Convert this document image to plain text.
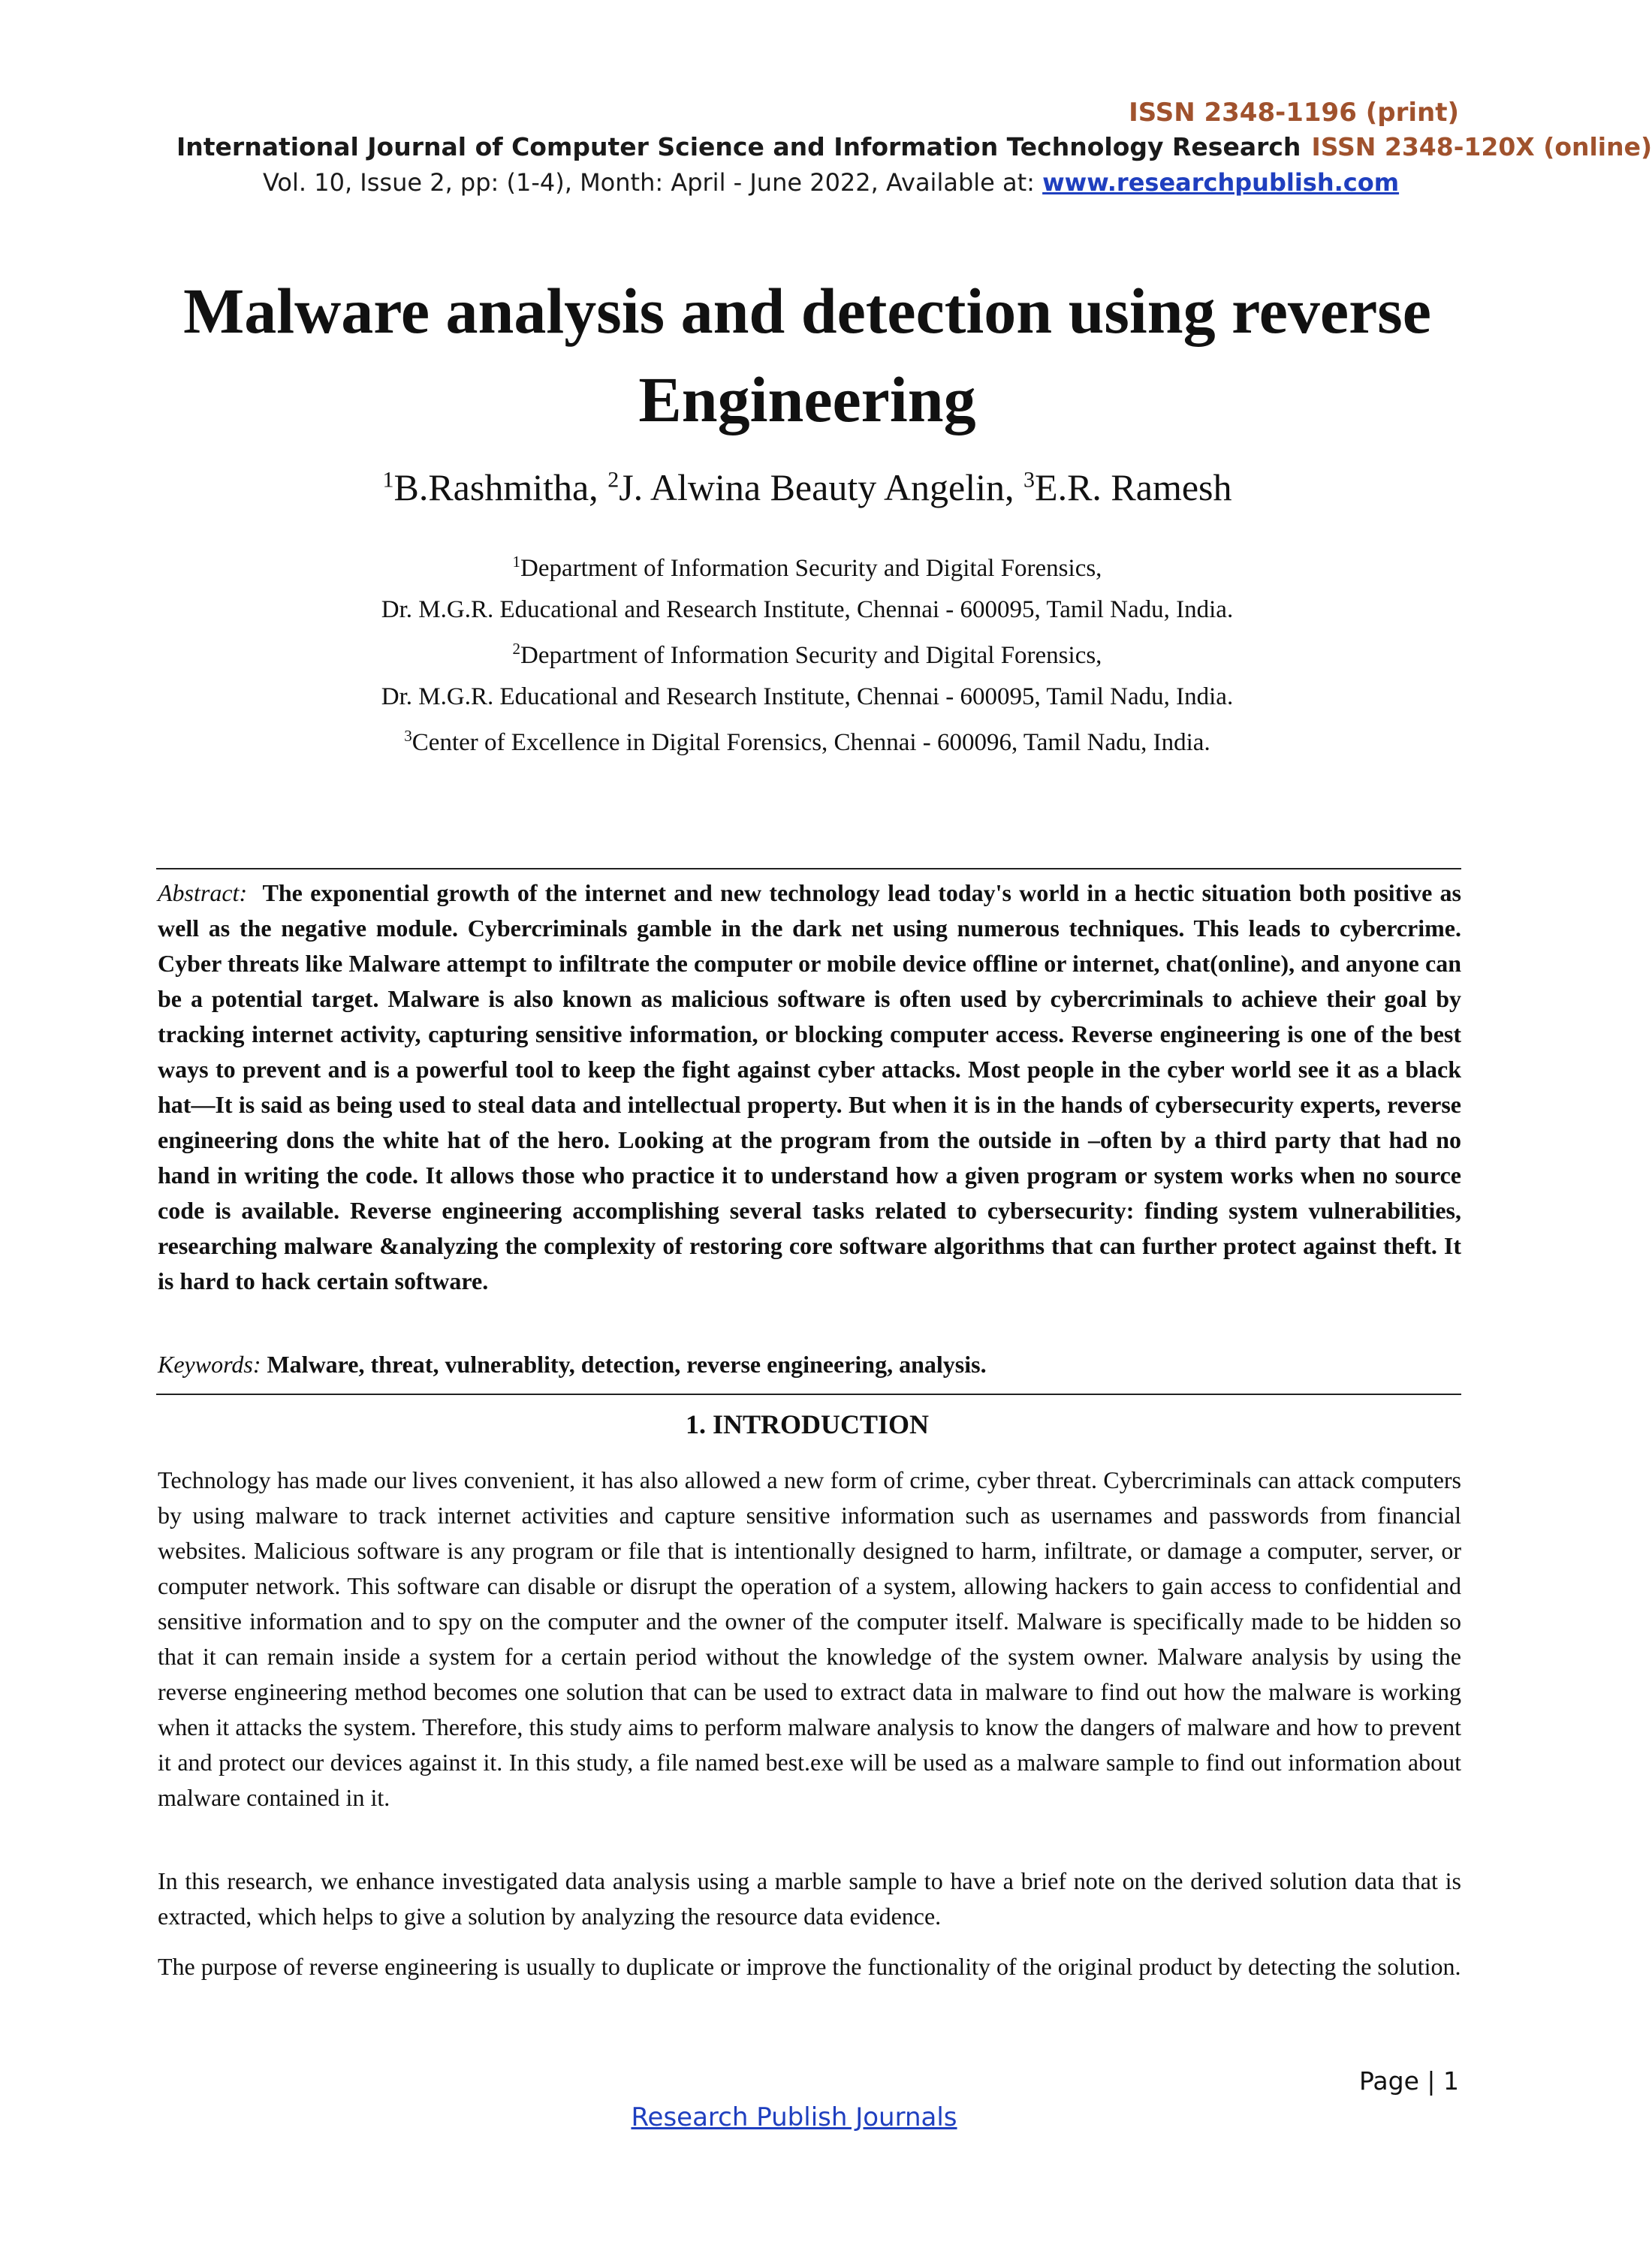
ISSN 2348-1196 (print)
International Journal of Computer Science and Information Technology Research ISSN 2348-120X (online)
Vol. 10, Issue 2, pp: (1-4), Month: April - June 2022, Available at: www.researchpublish.com
Malware analysis and detection using reverse Engineering
$^1$B.Rashmitha, $^2$J. Alwina Beauty Angelin, $^3$E.R. Ramesh
$^1$Department of Information Security and Digital Forensics,
Dr. M.G.R. Educational and Research Institute, Chennai - 600095, Tamil Nadu, India.
$^2$Department of Information Security and Digital Forensics,
Dr. M.G.R. Educational and Research Institute, Chennai - 600095, Tamil Nadu, India.
$^3$Center of Excellence in Digital Forensics, Chennai - 600096, Tamil Nadu, India.
Abstract: The exponential growth of the internet and new technology lead today's world in a hectic situation both positive as well as the negative module. Cybercriminals gamble in the dark net using numerous techniques. This leads to cybercrime. Cyber threats like Malware attempt to infiltrate the computer or mobile device offline or internet, chat(online), and anyone can be a potential target. Malware is also known as malicious software is often used by cybercriminals to achieve their goal by tracking internet activity, capturing sensitive information, or blocking computer access. Reverse engineering is one of the best ways to prevent and is a powerful tool to keep the fight against cyber attacks. Most people in the cyber world see it as a black hat—It is said as being used to steal data and intellectual property. But when it is in the hands of cybersecurity experts, reverse engineering dons the white hat of the hero. Looking at the program from the outside in –often by a third party that had no hand in writing the code. It allows those who practice it to understand how a given program or system works when no source code is available. Reverse engineering accomplishing several tasks related to cybersecurity: finding system vulnerabilities, researching malware &analyzing the complexity of restoring core software algorithms that can further protect against theft. It is hard to hack certain software.
Keywords: Malware, threat, vulnerablity, detection, reverse engineering, analysis.
1. INTRODUCTION
Technology has made our lives convenient, it has also allowed a new form of crime, cyber threat. Cybercriminals can attack computers by using malware to track internet activities and capture sensitive information such as usernames and passwords from financial websites. Malicious software is any program or file that is intentionally designed to harm, infiltrate, or damage a computer, server, or computer network. This software can disable or disrupt the operation of a system, allowing hackers to gain access to confidential and sensitive information and to spy on the computer and the owner of the computer itself. Malware is specifically made to be hidden so that it can remain inside a system for a certain period without the knowledge of the system owner. Malware analysis by using the reverse engineering method becomes one solution that can be used to extract data in malware to find out how the malware is working when it attacks the system. Therefore, this study aims to perform malware analysis to know the dangers of malware and how to prevent it and protect our devices against it. In this study, a file named best.exe will be used as a malware sample to find out information about malware contained in it.
In this research, we enhance investigated data analysis using a marble sample to have a brief note on the derived solution data that is extracted, which helps to give a solution by analyzing the resource data evidence.
The purpose of reverse engineering is usually to duplicate or improve the functionality of the original product by detecting the solution.
Page | 1
Research Publish Journals
